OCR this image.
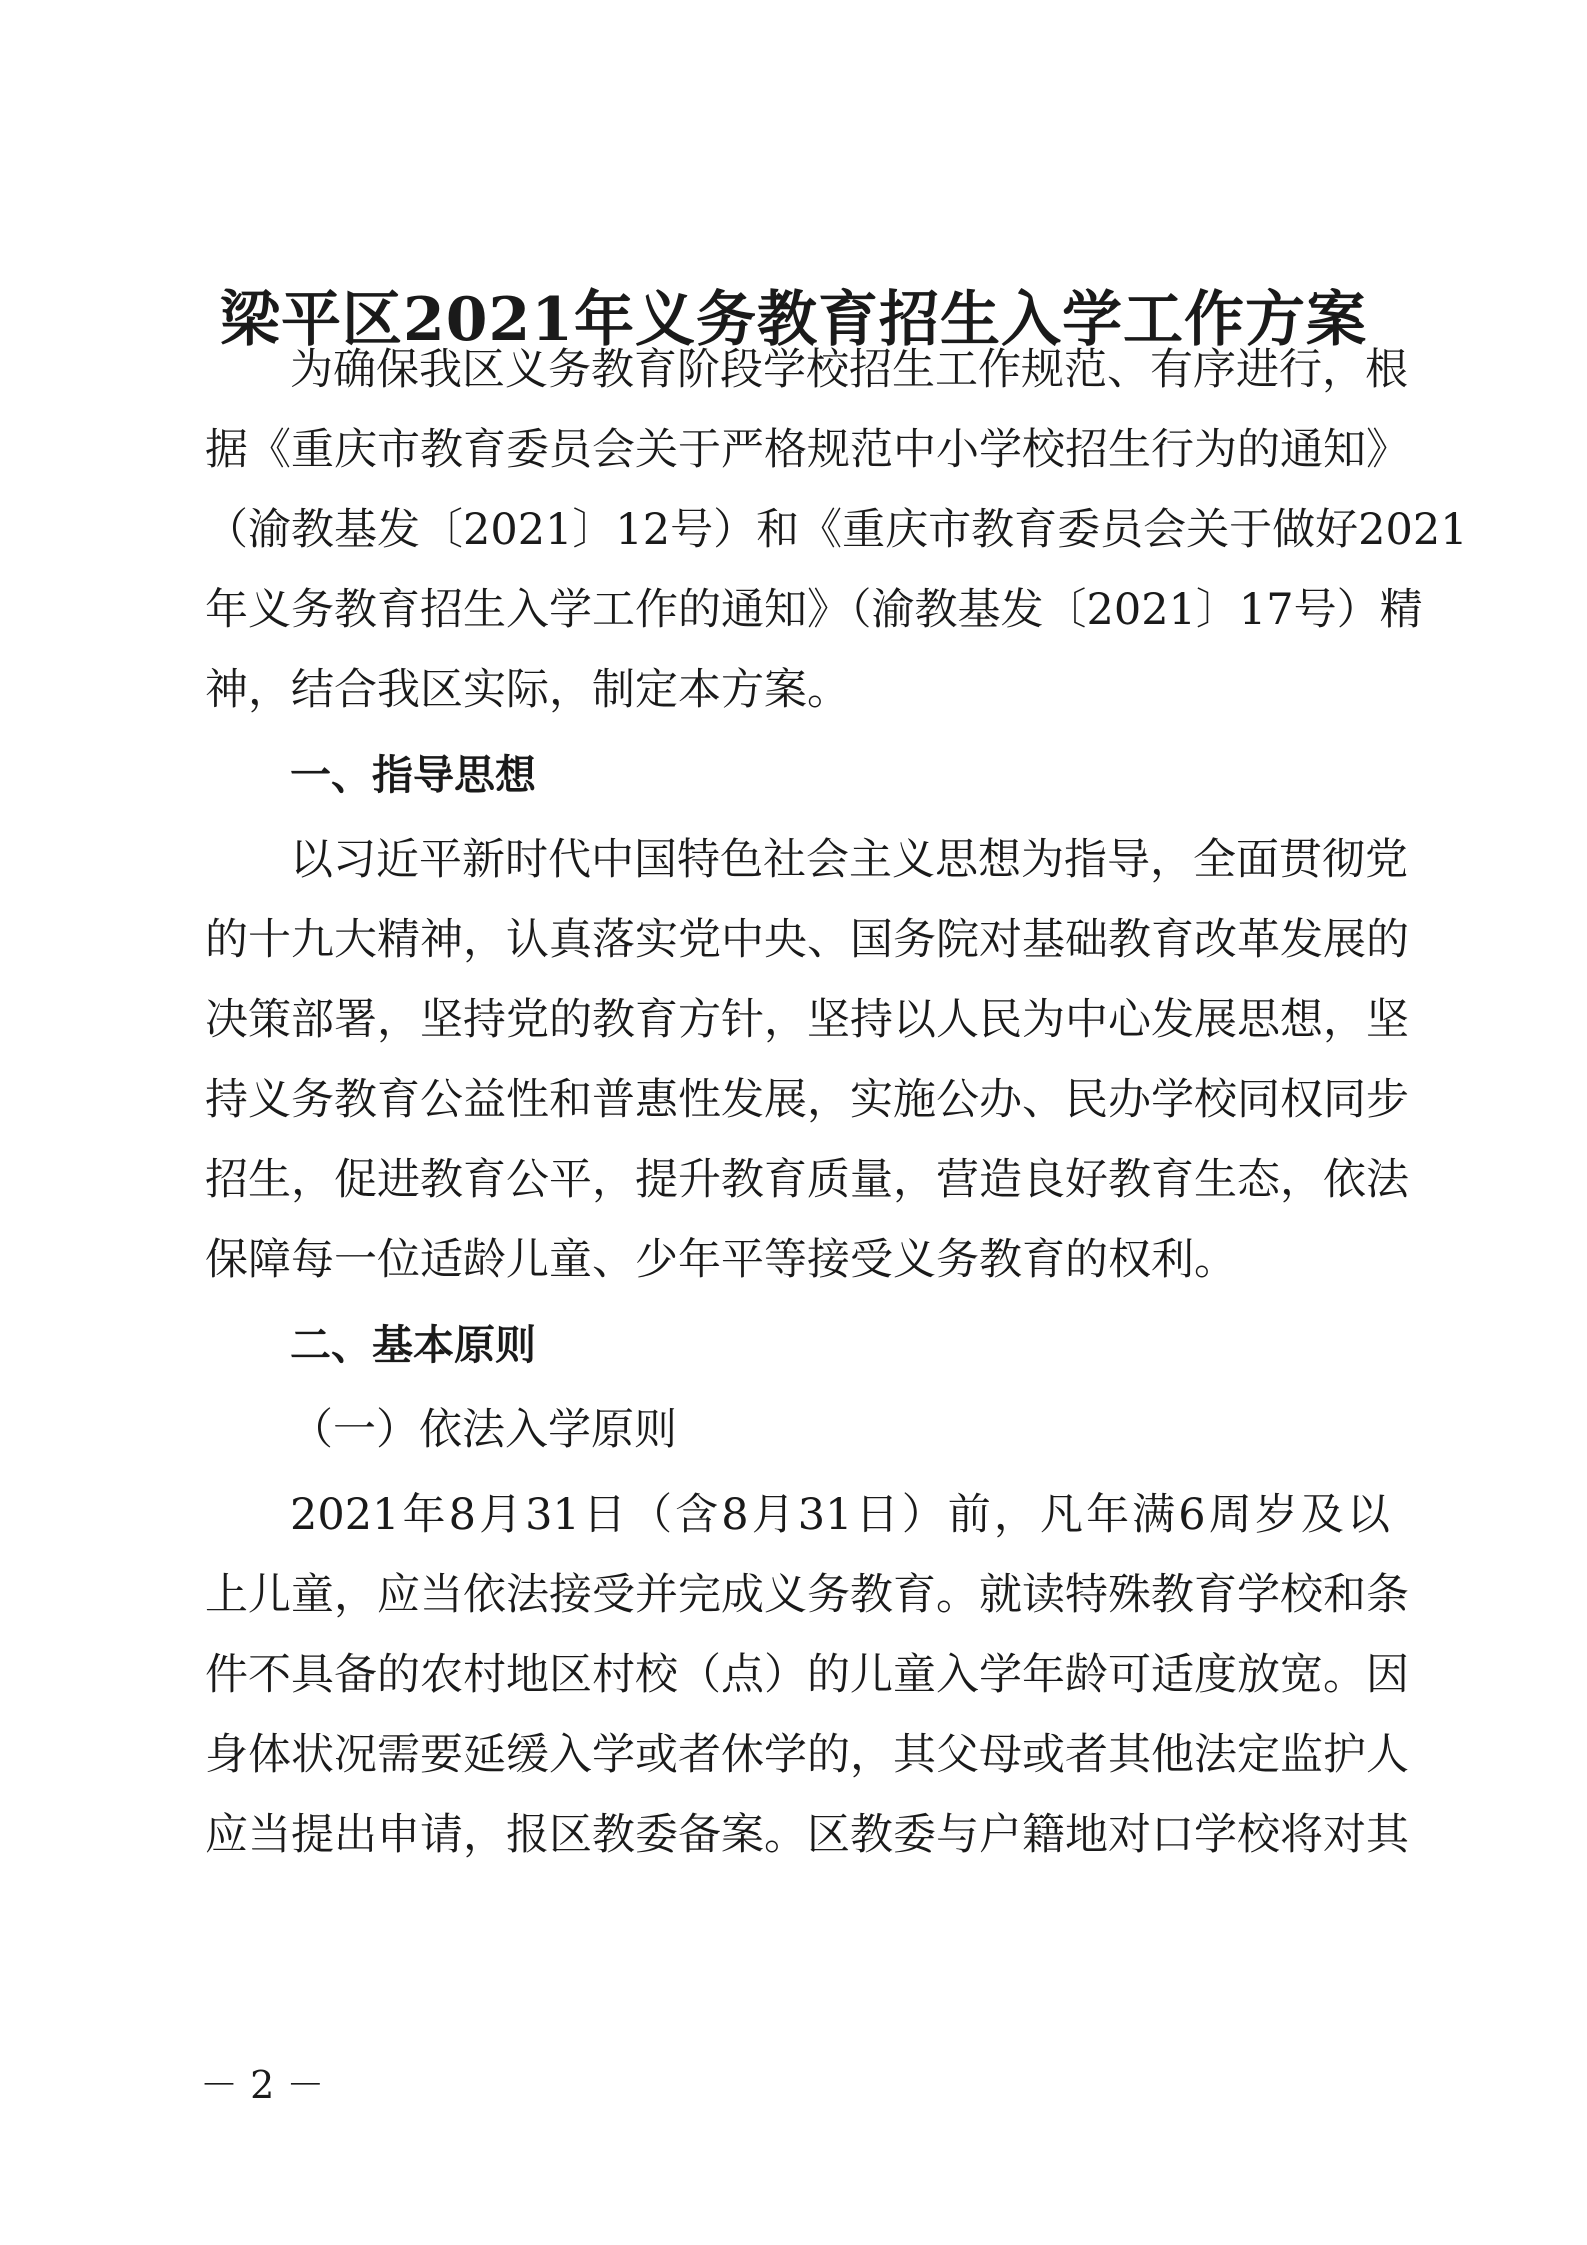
梁平区2021年义务教育招生入学工作方案
为确保我区义务教育阶段学校招生工作规范、有序进行，根
据《重庆市教育委员会关于严格规范中小学校招生行为的通知》
（渝教基发〔2021〕12号）和《重庆市教育委员会关于做好2021
年义务教育招生入学工作的通知》（渝教基发〔2021〕17号）精
神，结合我区实际，制定本方案。
一、指导思想
以习近平新时代中国特色社会主义思想为指导，全面贯彻党
的十九大精神，认真落实党中央、国务院对基础教育改革发展的
决策部署，坚持党的教育方针，坚持以人民为中心发展思想，坚
持义务教育公益性和普惠性发展，实施公办、民办学校同权同步
招生，促进教育公平，提升教育质量，营造良好教育生态，依法
保障每一位适龄儿童、少年平等接受义务教育的权利。
二、基本原则
（一）依法入学原则
2021年8月31日（含8月31日）前，凡年满6周岁及以
上儿童，应当依法接受并完成义务教育。就读特殊教育学校和条
件不具备的农村地区村校（点）的儿童入学年龄可适度放宽。因
身体状况需要延缓入学或者休学的，其父母或者其他法定监护人
应当提出申请，报区教委备案。区教委与户籍地对口学校将对其
－ 2 －
